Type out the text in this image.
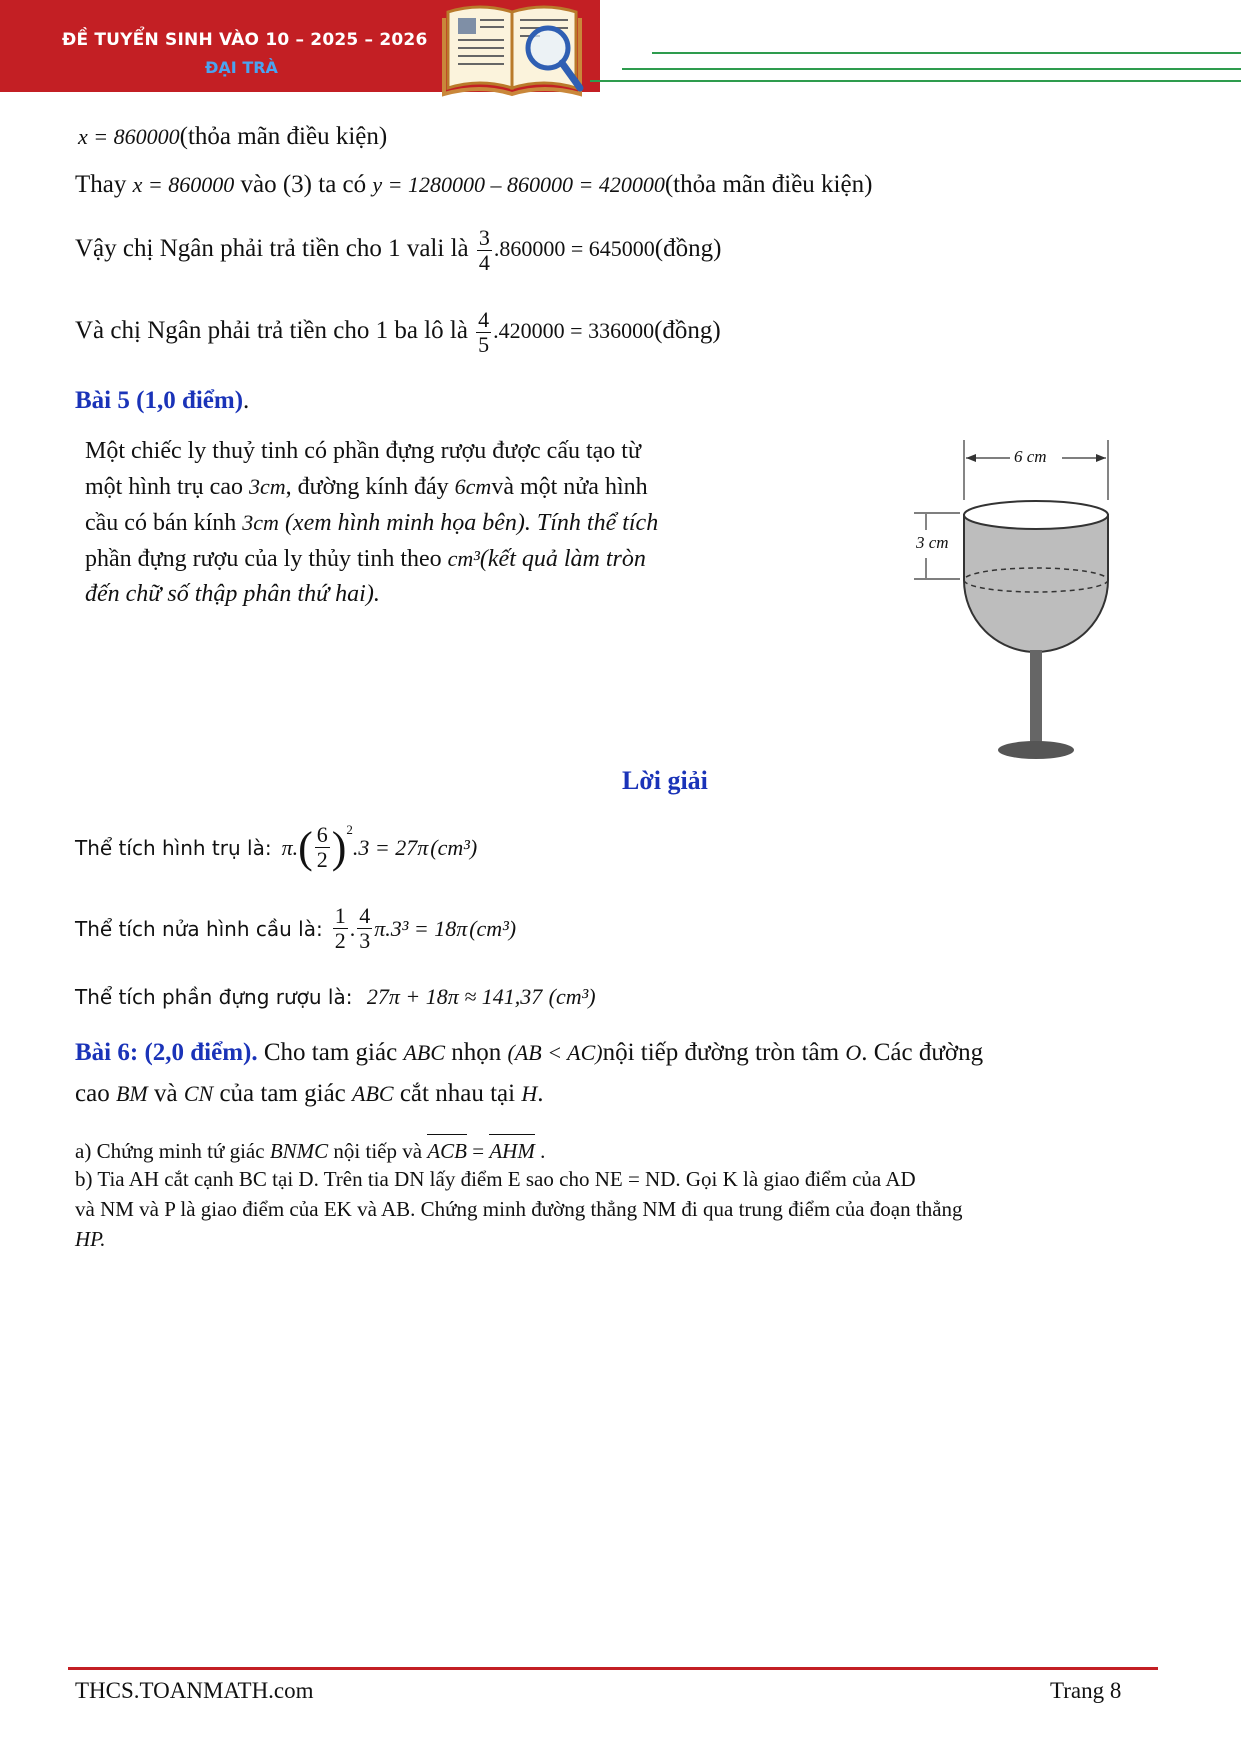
ĐỀ TUYỂN SINH VÀO 10 – 2025 – 2026
ĐẠI TRÀ
x = 860000(thỏa mãn điều kiện)
Thay x = 860000 vào (3) ta có y = 1280000 – 860000 = 420000(thỏa mãn điều kiện)
Vậy chị Ngân phải trả tiền cho 1 vali là $\frac{3}{4} .860000$ = 645000(đồng)
Và chị Ngân phải trả tiền cho 1 ba lô là $\frac{4}{5} .420000$ = 336000(đồng)
Bài 5 (1,0 điểm).
Một chiếc ly thuỷ tinh có phần đựng rượu được cấu tạo từ
một hình trụ cao 3cm, đường kính đáy 6cmvà một nửa hình
cầu có bán kính 3cm (xem hình minh họa bên). Tính thể tích
phần đựng rượu của ly thủy tinh theo cm³(kết quả làm tròn
đến chữ số thập phân thứ hai).
6 cm
3 cm
Lời giải
Thể tích hình trụ là: π. ( $\frac{6}{2} )^2$
.3 = 27π (cm³)
Thể tích nửa hình cầu là: $\frac{1}{2}$ . $\frac{4}{3} \pi.3^3 = 18\pi$ (cm³)
Thể tích phần đựng rượu là: 27π + 18π ≈ 141,37 (cm³)
Bài 6: (2,0 điểm). Cho tam giác ABC nhọn (AB < AC)nội tiếp đường tròn tâm O. Các đường
cao BM và CN của tam giác ABC cắt nhau tại H.
a) Chứng minh tứ giác BNMC nội tiếp và ACB = AHM .
b) Tia AH cắt cạnh BC tại D. Trên tia DN lấy điểm E sao cho NE = ND. Gọi K là giao điểm của AD
và NM và P là giao điểm của EK và AB. Chứng minh đường thẳng NM đi qua trung điểm của đoạn thẳng
HP.
THCS.TOANMATH.com	Trang 8
